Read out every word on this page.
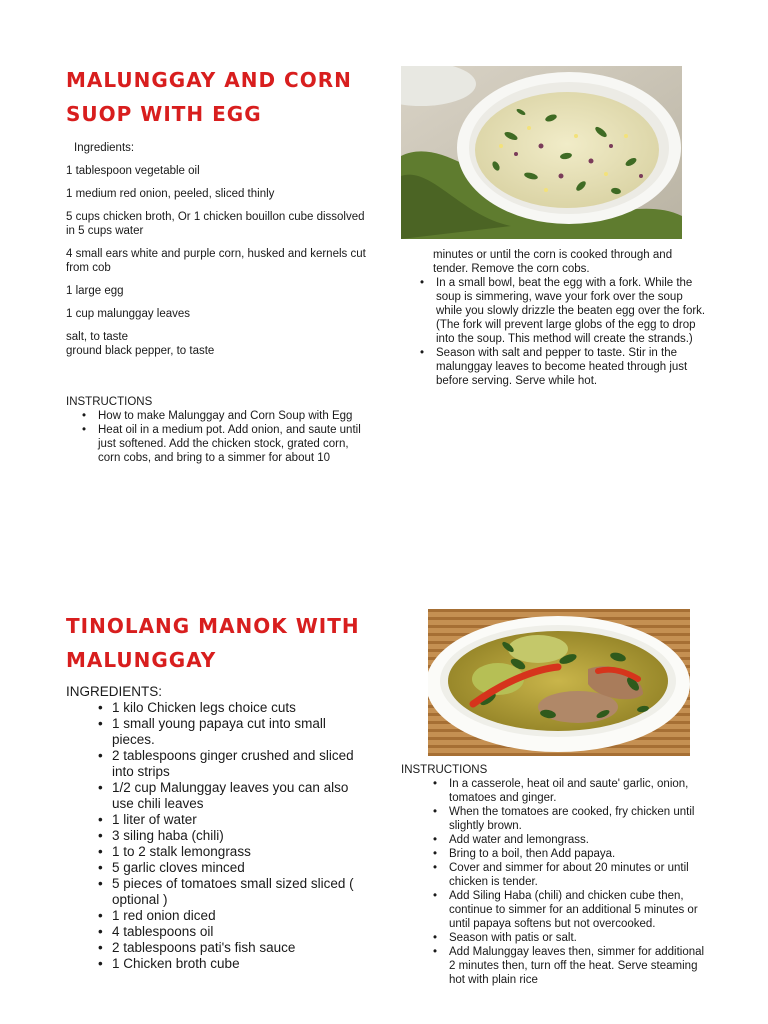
MALUNGGAY AND CORN
SUOP WITH EGG
Ingredients:
1 tablespoon vegetable oil
1 medium red onion, peeled, sliced thinly
5 cups chicken broth, Or 1 chicken bouillon cube dissolved in 5 cups water
4 small ears white and purple corn, husked and kernels cut from cob
1 large egg
1 cup malunggay leaves
salt, to taste
ground black pepper, to taste
INSTRUCTIONS
• How to make Malunggay and Corn Soup with Egg
• Heat oil in a medium pot. Add onion, and saute until just softened. Add the chicken stock, grated corn, corn cobs, and bring to a simmer for about 10
minutes or until the corn is cooked through and tender. Remove the corn cobs.
• In a small bowl, beat the egg with a fork. While the soup is simmering, wave your fork over the soup while you slowly drizzle the beaten egg over the fork. (The fork will prevent large globs of the egg to drop into the soup. This method will create the strands.)
• Season with salt and pepper to taste. Stir in the malunggay leaves to become heated through just before serving. Serve while hot.
TINOLANG MANOK WITH
MALUNGGAY
INGREDIENTS:
• 1 kilo Chicken legs choice cuts
• 1 small young papaya cut into small pieces.
• 2 tablespoons ginger crushed and sliced into strips
• 1/2 cup Malunggay leaves you can also use chili leaves
• 1 liter of water
• 3 siling haba (chili)
• 1 to 2 stalk lemongrass
• 5 garlic cloves minced
• 5 pieces of tomatoes small sized sliced ( optional )
• 1 red onion diced
• 4 tablespoons oil
• 2 tablespoons pati's fish sauce
• 1 Chicken broth cube
INSTRUCTIONS
• In a casserole, heat oil and saute' garlic, onion, tomatoes and ginger.
• When the tomatoes are cooked, fry chicken until slightly brown.
• Add water and lemongrass.
• Bring to a boil, then Add papaya.
• Cover and simmer for about 20 minutes or until chicken is tender.
• Add Siling Haba (chili) and chicken cube then, continue to simmer for an additional 5 minutes or until papaya softens but not overcooked.
• Season with patis or salt.
• Add Malunggay leaves then, simmer for additional 2 minutes then, turn off the heat. Serve steaming hot with plain rice
